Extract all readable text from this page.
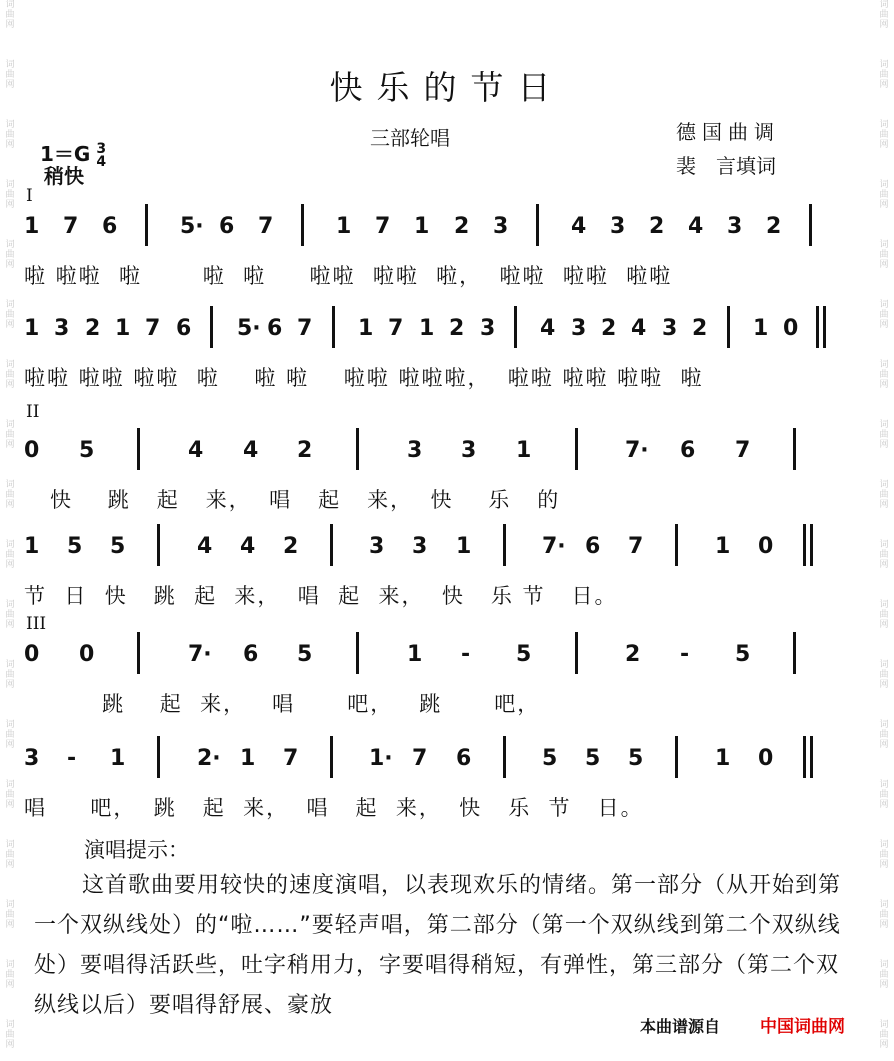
词曲网
词曲网
词曲网
词曲网
词曲网
词曲网
词曲网
词曲网
词曲网
词曲网
词曲网
词曲网
词曲网
词曲网
词曲网
词曲网
词曲网
词曲网
词曲网
词曲网
词曲网
词曲网
词曲网
词曲网
词曲网
词曲网
词曲网
词曲网
词曲网
词曲网
词曲网
词曲网
词曲网
词曲网
词曲网
词曲网
快乐的节日
三部轮唱	德国曲调
裴　言填词
1＝G 3
4
稍快
I
II
III
1 7 6	5· 6 7	1 7 1 2 3	4 3 2 4 3 2
啦 啦啦  啦       啦  啦     啦啦  啦啦  啦，  啦啦  啦啦  啦啦
1 3 2 1 7 6 5· 6 7 1 7 1 2 3 4 3 2 4 3 2 1 0
啦啦 啦啦 啦啦  啦    啦 啦    啦啦 啦啦啦，  啦啦 啦啦 啦啦  啦
0 5	4 4 2	3 3 1	7· 6 7
快    跳   起   来，  唱   起   来，  快    乐   的
1 5 5	4 4 2	3 3 1	7· 6 7	1 0
节  日  快   跳  起  来，  唱  起  来，  快   乐 节   日。
0 0	7· 6 5	1 - 5	2 - 5
跳    起  来，   唱      吧，   跳      吧，
3 - 1	2· 1 7	1· 7 6	5 5 5	1 0
唱     吧，  跳   起  来，  唱   起  来，  快   乐  节   日。
演唱提示：
这首歌曲要用较快的速度演唱，以表现欢乐的情绪。第一部分（从开始到第一个双纵线处）的“啦……”要轻声唱，第二部分（第一个双纵线到第二个双纵线处）要唱得活跃些，吐字稍用力，字要唱得稍短，有弹性，第三部分（第二个双纵线以后）要唱得舒展、豪放
本曲谱源自 中国词曲网
